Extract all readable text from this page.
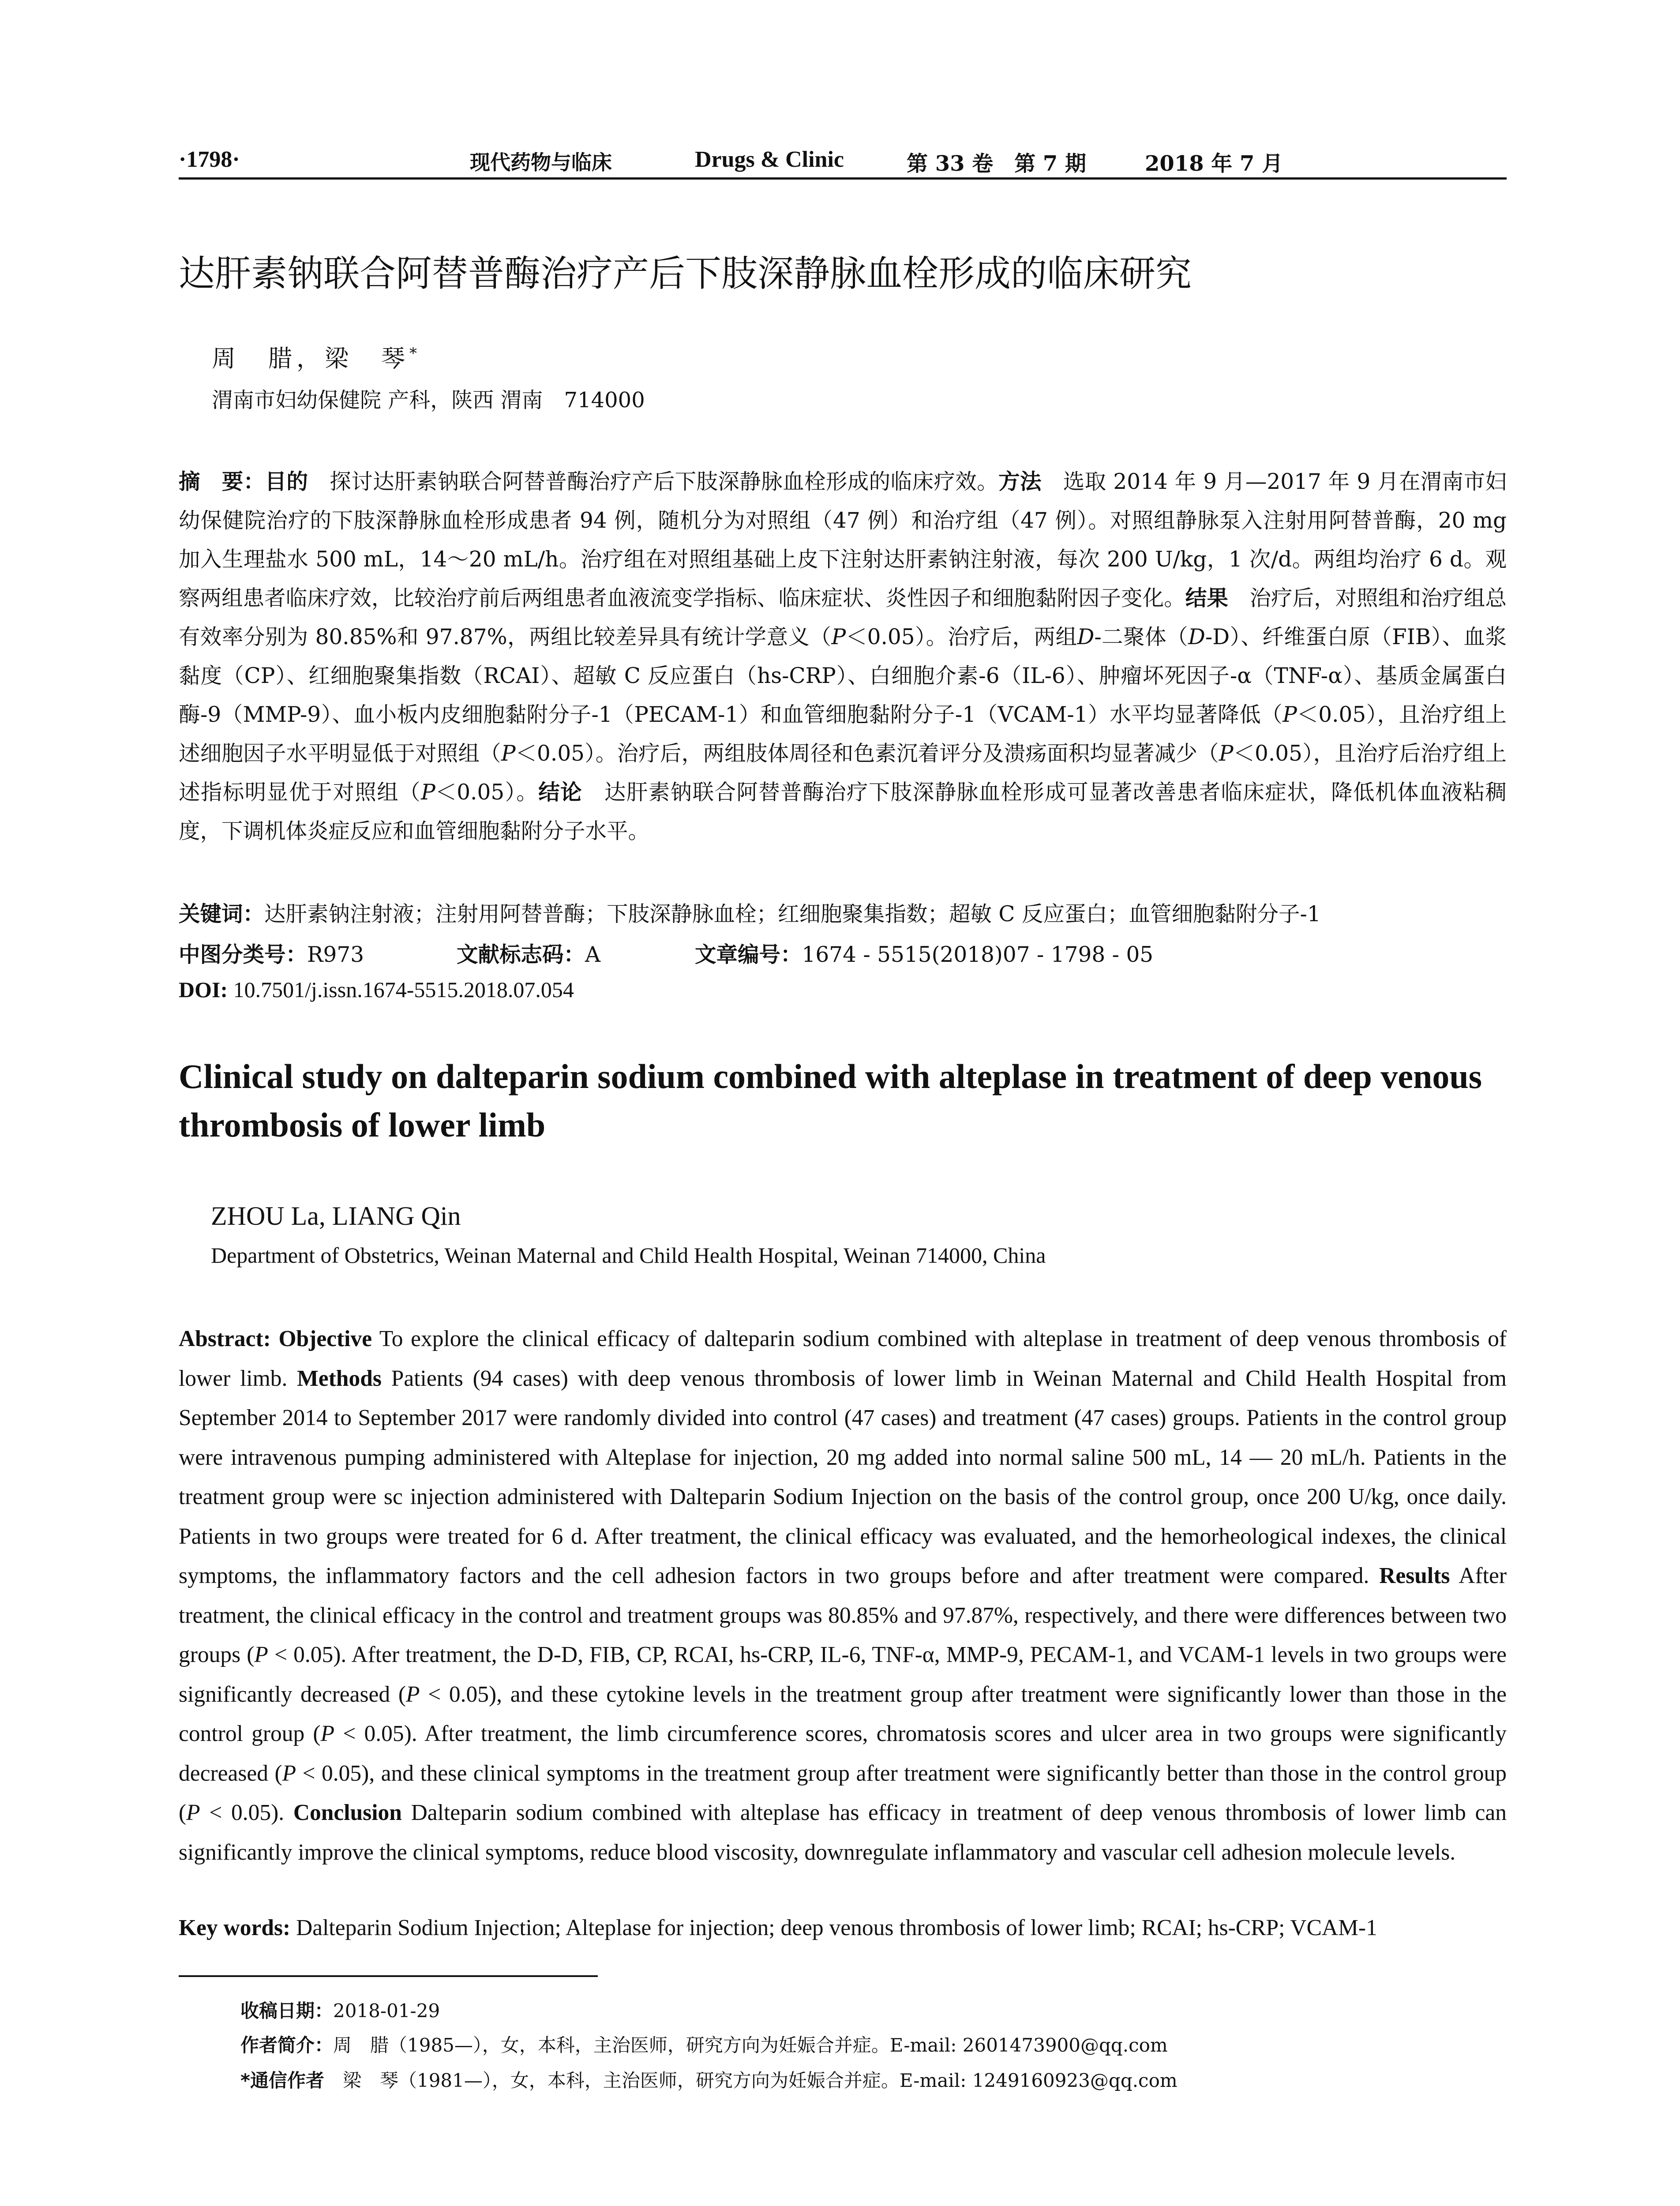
·1798·	现代药物与临床	Drugs & Clinic	第 33 卷　第 7 期	2018 年 7 月
达肝素钠联合阿替普酶治疗产后下肢深静脉血栓形成的临床研究
周　腊，梁　琴*
渭南市妇幼保健院 产科，陕西 渭南　714000

摘　要：目的　探讨达肝素钠联合阿替普酶治疗产后下肢深静脉血栓形成的临床疗效。方法　选取 2014 年 9 月—2017 年 9 月在渭南市妇幼保健院治疗的下肢深静脉血栓形成患者 94 例，随机分为对照组（47 例）和治疗组（47 例）。对照组静脉泵入注射用阿替普酶，20 mg 加入生理盐水 500 mL，14～20 mL/h。治疗组在对照组基础上皮下注射达肝素钠注射液，每次 200 U/kg，1 次/d。两组均治疗 6 d。观察两组患者临床疗效，比较治疗前后两组患者血液流变学指标、临床症状、炎性因子和细胞黏附因子变化。结果　治疗后，对照组和治疗组总有效率分别为 80.85%和 97.87%，两组比较差异具有统计学意义（P＜0.05）。治疗后，两组D-二聚体（D-D）、纤维蛋白原（FIB）、血浆黏度（CP）、红细胞聚集指数（RCAI）、超敏 C 反应蛋白（hs-CRP）、白细胞介素-6（IL-6）、肿瘤坏死因子-α（TNF-α）、基质金属蛋白酶-9（MMP-9）、血小板内皮细胞黏附分子-1（PECAM-1）和血管细胞黏附分子-1（VCAM-1）水平均显著降低（P＜0.05），且治疗组上述细胞因子水平明显低于对照组（P＜0.05）。治疗后，两组肢体周径和色素沉着评分及溃疡面积均显著减少（P＜0.05），且治疗后治疗组上述指标明显优于对照组（P＜0.05）。结论　达肝素钠联合阿替普酶治疗下肢深静脉血栓形成可显著改善患者临床症状，降低机体血液粘稠度，下调机体炎症反应和血管细胞黏附分子水平。

关键词：达肝素钠注射液；注射用阿替普酶；下肢深静脉血栓；红细胞聚集指数；超敏 C 反应蛋白；血管细胞黏附分子-1
中图分类号：R973	文献标志码：A	文章编号：1674 - 5515(2018)07 - 1798 - 05
DOI: 10.7501/j.issn.1674-5515.2018.07.054
Clinical study on dalteparin sodium combined with alteplase in treatment of deep venous thrombosis of lower limb
ZHOU La, LIANG Qin
Department of Obstetrics, Weinan Maternal and Child Health Hospital, Weinan 714000, China

Abstract: Objective To explore the clinical efficacy of dalteparin sodium combined with alteplase in treatment of deep venous thrombosis of lower limb. Methods Patients (94 cases) with deep venous thrombosis of lower limb in Weinan Maternal and Child Health Hospital from September 2014 to September 2017 were randomly divided into control (47 cases) and treatment (47 cases) groups. Patients in the control group were intravenous pumping administered with Alteplase for injection, 20 mg added into normal saline 500 mL, 14 — 20 mL/h. Patients in the treatment group were sc injection administered with Dalteparin Sodium Injection on the basis of the control group, once 200 U/kg, once daily. Patients in two groups were treated for 6 d. After treatment, the clinical efficacy was evaluated, and the hemorheological indexes, the clinical symptoms, the inflammatory factors and the cell adhesion factors in two groups before and after treatment were compared. Results After treatment, the clinical efficacy in the control and treatment groups was 80.85% and 97.87%, respectively, and there were differences between two groups (P < 0.05). After treatment, the D-D, FIB, CP, RCAI, hs-CRP, IL-6, TNF-α, MMP-9, PECAM-1, and VCAM-1 levels in two groups were significantly decreased (P < 0.05), and these cytokine levels in the treatment group after treatment were significantly lower than those in the control group (P < 0.05). After treatment, the limb circumference scores, chromatosis scores and ulcer area in two groups were significantly decreased (P < 0.05), and these clinical symptoms in the treatment group after treatment were significantly better than those in the control group (P < 0.05). Conclusion Dalteparin sodium combined with alteplase has efficacy in treatment of deep venous thrombosis of lower limb can significantly improve the clinical symptoms, reduce blood viscosity, downregulate inflammatory and vascular cell adhesion molecule levels.

Key words: Dalteparin Sodium Injection; Alteplase for injection; deep venous thrombosis of lower limb; RCAI; hs-CRP; VCAM-1
收稿日期：2018-01-29
作者简介：周　腊（1985—），女，本科，主治医师，研究方向为妊娠合并症。E-mail: 2601473900@qq.com
*通信作者　梁　琴（1981—），女，本科，主治医师，研究方向为妊娠合并症。E-mail: 1249160923@qq.com
